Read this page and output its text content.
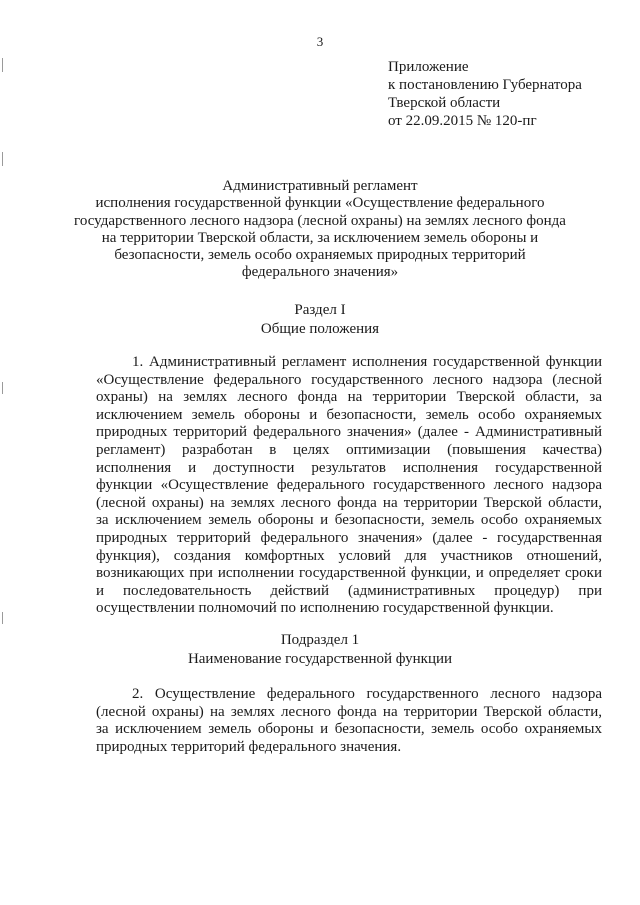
3
Приложение
к постановлению Губернатора
Тверской области
от 22.09.2015 № 120-пг
Административный регламент
исполнения государственной функции «Осуществление федерального
государственного лесного надзора (лесной охраны) на землях лесного фонда
на территории Тверской области, за исключением земель обороны и
безопасности, земель особо охраняемых природных территорий
федерального значения»
Раздел I
Общие положения
1. Административный регламент исполнения государственной функции
«Осуществление федерального государственного лесного надзора (лесной
охраны) на землях лесного фонда на территории Тверской области, за
исключением земель обороны и безопасности, земель особо охраняемых
природных территорий федерального значения» (далее - Административный
регламент) разработан в целях оптимизации (повышения качества)
исполнения и доступности результатов исполнения государственной
функции «Осуществление федерального государственного лесного надзора
(лесной охраны) на землях лесного фонда на территории Тверской области,
за исключением земель обороны и безопасности, земель особо охраняемых
природных территорий федерального значения» (далее - государственная
функция), создания комфортных условий для участников отношений,
возникающих при исполнении государственной функции, и определяет сроки
и последовательность действий (административных процедур) при
осуществлении полномочий по исполнению государственной функции.
Подраздел 1
Наименование государственной функции
2. Осуществление федерального государственного лесного надзора
(лесной охраны) на землях лесного фонда на территории Тверской области,
за исключением земель обороны и безопасности, земель особо охраняемых
природных территорий федерального значения.
